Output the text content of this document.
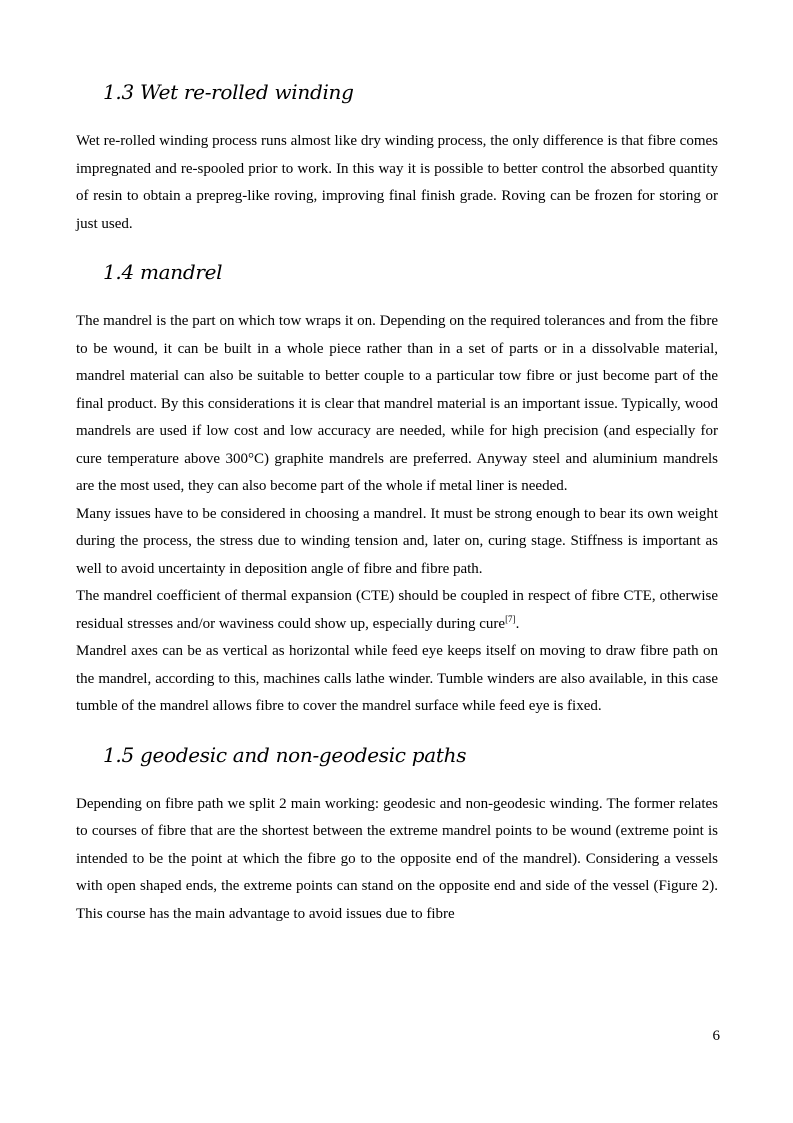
1.3 Wet re-rolled winding

Wet re-rolled winding process runs almost like dry winding process, the only difference is that fibre comes impregnated and re-spooled prior to work. In this way it is possible to better control the absorbed quantity of resin to obtain a prepreg-like roving, improving final finish grade. Roving can be frozen for storing or just used.

1.4 mandrel

The mandrel is the part on which tow wraps it on. Depending on the required tolerances and from the fibre to be wound, it can be built in a whole piece rather than in a set of parts or in a dissolvable material, mandrel material can also be suitable to better couple to a particular tow fibre or just become part of the final product. By this considerations it is clear that mandrel material is an important issue. Typically, wood mandrels are used if low cost and low accuracy are needed, while for high precision (and especially for cure temperature above 300°C) graphite mandrels are preferred. Anyway steel and aluminium mandrels are the most used, they can also become part of the whole if metal liner is needed.

Many issues have to be considered in choosing a mandrel. It must be strong enough to bear its own weight during the process, the stress due to winding tension and, later on, curing stage. Stiffness is important as well to avoid uncertainty in deposition angle of fibre and fibre path.

The mandrel coefficient of thermal expansion (CTE) should be coupled in respect of fibre CTE, otherwise residual stresses and/or waviness could show up, especially during cure[7].

Mandrel axes can be as vertical as horizontal while feed eye keeps itself on moving to draw fibre path on the mandrel, according to this, machines calls lathe winder. Tumble winders are also available, in this case tumble of the mandrel allows fibre to cover the mandrel surface while feed eye is fixed.

1.5 geodesic and non-geodesic paths

Depending on fibre path we split 2 main working: geodesic and non-geodesic winding. The former relates to courses of fibre that are the shortest between the extreme mandrel points to be wound (extreme point is intended to be the point at which the fibre go to the opposite end of the mandrel). Considering a vessels with open shaped ends, the extreme points can stand on the opposite end and side of the vessel (Figure 2). This course has the main advantage to avoid issues due to fibre

6
